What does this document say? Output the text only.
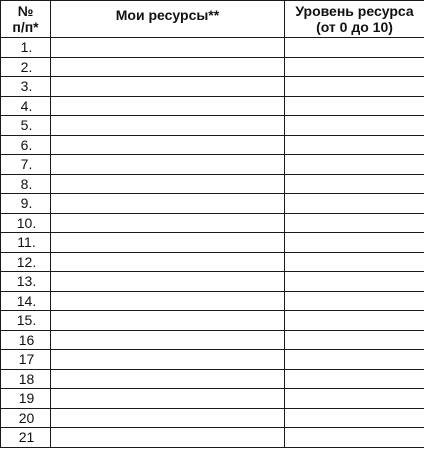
№
п/п*	Мои ресурсы**	Уровень ресурса
(от 0 до 10)

1.		
2.		
3.		
4.		
5.		
6.		
7.		
8.		
9.		
10.		
11.		
12.		
13.		
14.		
15.		
16		
17		
18		
19		
20		
21		
